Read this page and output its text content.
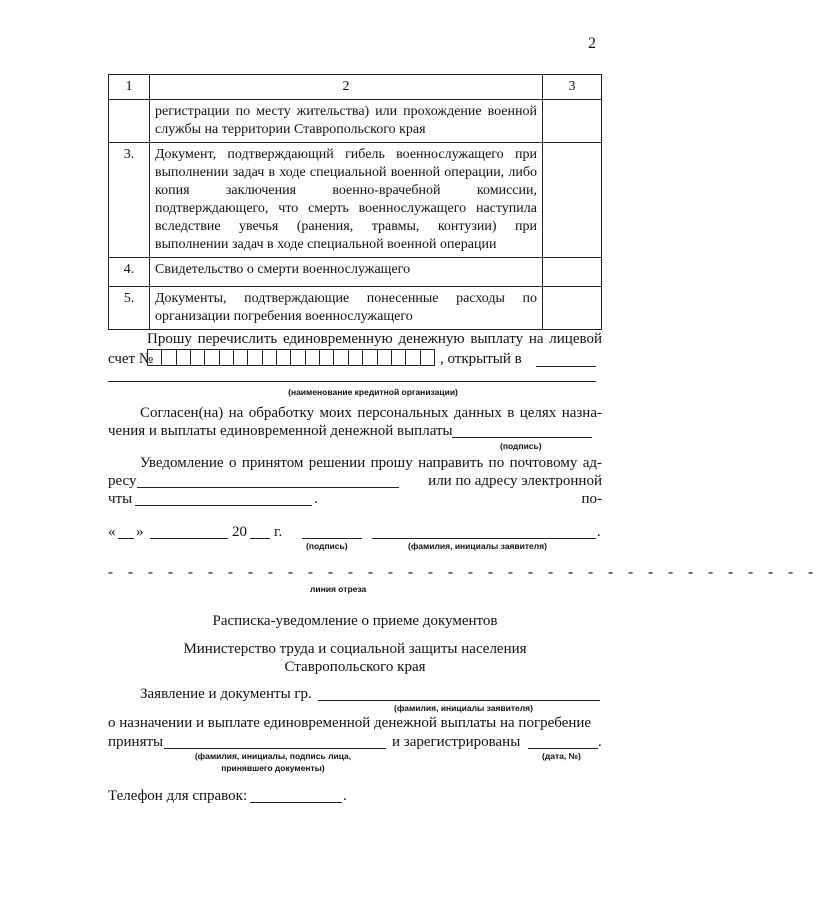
2
1	2	3
	регистрации по месту жительства) или прохождение военной службы на территории Ставропольского края	
3.	Документ, подтверждающий гибель военнослужащего при выполнении задач в ходе специальной военной операции, либо копия заключения военно-врачебной комиссии, подтверждающего, что смерть военнослужащего наступила вследствие увечья (ранения, травмы, контузии) при выполнении задач в ходе специальной военной операции	
4.	Свидетельство о смерти военнослужащего	
5.	Документы, подтверждающие понесенные расходы по организации погребения военнослужащего	
Прошу перечислить единовременную денежную выплату на лицевой
счет №	, открытый в
(наименование кредитной организации)
Согласен(на) на обработку моих персональных данных в целях назна-
чения и выплаты единовременной денежной выплаты
(подпись)
Уведомление о принятом решении прошу направить по почтовому ад-
ресу	или по адресу электронной по-
чты	.
« »	20 г.	.
(подпись)	(фамилия, инициалы заявителя)
- - - - - - - - - - - - - - - - - - - - - - - - - - - - - - - - - - - -
линия отреза
Расписка-уведомление о приеме документов
Министерство труда и социальной защиты населения
Ставропольского края
Заявление и документы гр.
(фамилия, инициалы заявителя)
о назначении и выплате единовременной денежной выплаты на погребение
приняты	и зарегистрированы	.
(фамилия, инициалы, подпись лица,
принявшего документы)
(дата, №)
Телефон для справок:	.
